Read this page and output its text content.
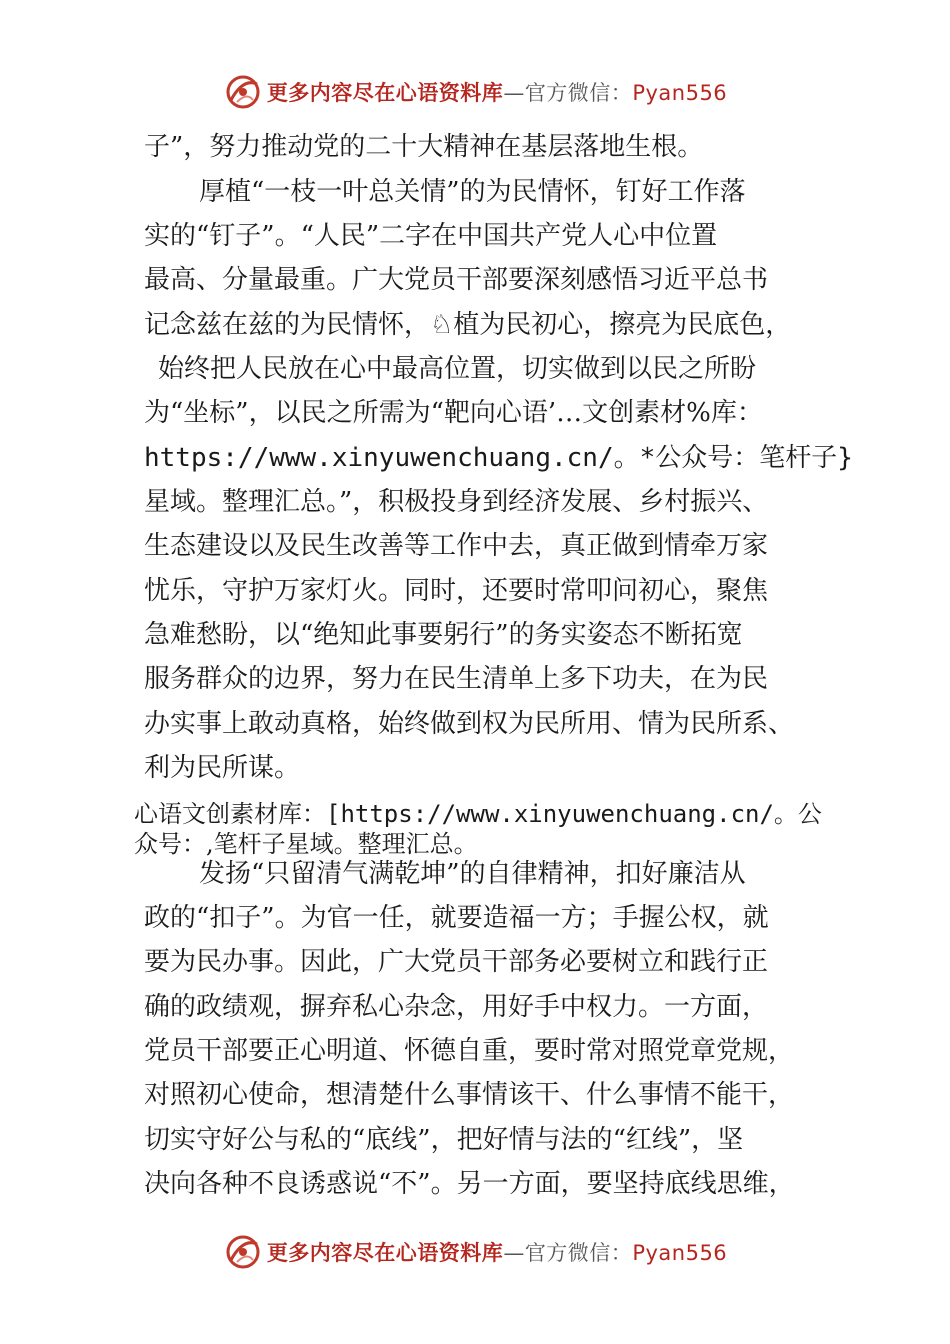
更多内容尽在心语资料库—官方微信：Pyan556
子”，努力推动党的二十大精神在基层落地生根。
厚植“一枝一叶总关情”的为民情怀，钉好工作落
实的“钉子”。“人民”二字在中国共产党人心中位置
最高、分量最重。广大党员干部要深刻感悟习近平总书
记念兹在兹的为民情怀，♘植为民初心，擦亮为民底色，
始终把人民放在心中最高位置，切实做到以民之所盼
为“坐标”，以民之所需为“靶向心语’…文创素材%库：
https://www.xinyuwenchuang.cn/。*公众号：笔杆子}
星域。整理汇总。”，积极投身到经济发展、乡村振兴、
生态建设以及民生改善等工作中去，真正做到情牵万家
忧乐，守护万家灯火。同时，还要时常叩问初心，聚焦
急难愁盼，以“绝知此事要躬行”的务实姿态不断拓宽
服务群众的边界，努力在民生清单上多下功夫，在为民
办实事上敢动真格，始终做到权为民所用、情为民所系、
利为民所谋。
心语文创素材库：[https://www.xinyuwenchuang.cn/。公
众号：,笔杆子星域。整理汇总。
发扬“只留清气满乾坤”的自律精神，扣好廉洁从
政的“扣子”。为官一任，就要造福一方；手握公权，就
要为民办事。因此，广大党员干部务必要树立和践行正
确的政绩观，摒弃私心杂念，用好手中权力。一方面，
党员干部要正心明道、怀德自重，要时常对照党章党规，
对照初心使命，想清楚什么事情该干、什么事情不能干，
切实守好公与私的“底线”，把好情与法的“红线”，坚
决向各种不良诱惑说“不”。另一方面，要坚持底线思维，
更多内容尽在心语资料库—官方微信：Pyan556
